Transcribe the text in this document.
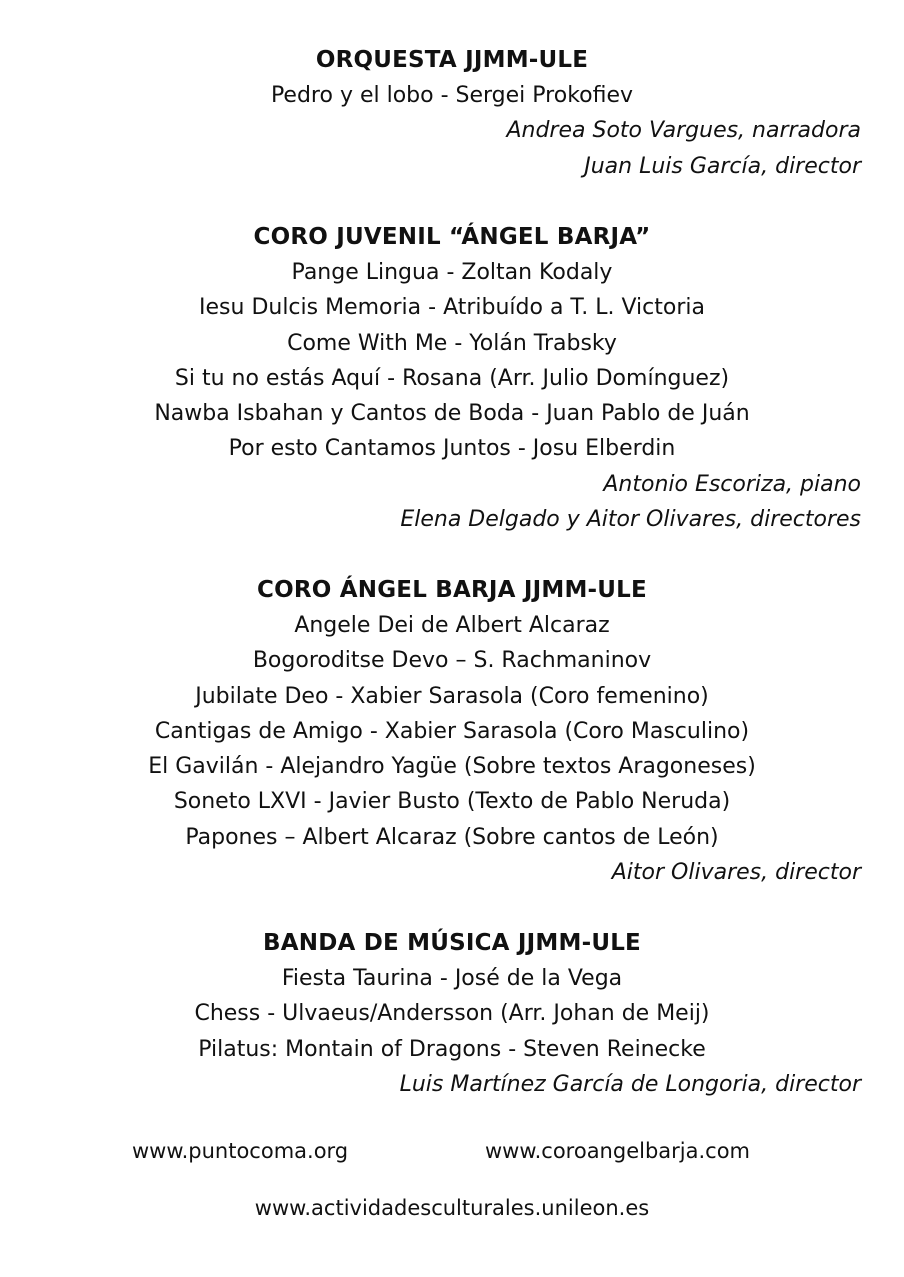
ORQUESTA JJMM-ULE

Pedro y el lobo - Sergei Prokofiev

Andrea Soto Vargues, narradora

Juan Luis García, director

CORO JUVENIL “ÁNGEL BARJA”

Pange Lingua - Zoltan Kodaly

Iesu Dulcis Memoria - Atribuído a T. L. Victoria

Come With Me - Yolán Trabsky

Si tu no estás Aquí - Rosana (Arr. Julio Domínguez)

Nawba Isbahan y Cantos de Boda - Juan Pablo de Juán

Por esto Cantamos Juntos - Josu Elberdin

Antonio Escoriza, piano

Elena Delgado y Aitor Olivares, directores

CORO ÁNGEL BARJA JJMM-ULE

Angele Dei de Albert Alcaraz

Bogoroditse Devo – S. Rachmaninov

Jubilate Deo - Xabier Sarasola (Coro femenino)

Cantigas de Amigo - Xabier Sarasola (Coro Masculino)

El Gavilán - Alejandro Yagüe (Sobre textos Aragoneses)

Soneto LXVI - Javier Busto (Texto de Pablo Neruda)

Papones – Albert Alcaraz (Sobre cantos de León)

Aitor Olivares, director

BANDA DE MÚSICA JJMM-ULE

Fiesta Taurina - José de la Vega

Chess - Ulvaeus/Andersson (Arr. Johan de Meij)

Pilatus: Montain of Dragons - Steven Reinecke

Luis Martínez García de Longoria, director

www.puntocoma.org	www.coroangelbarja.com
www.actividadesculturales.unileon.es
